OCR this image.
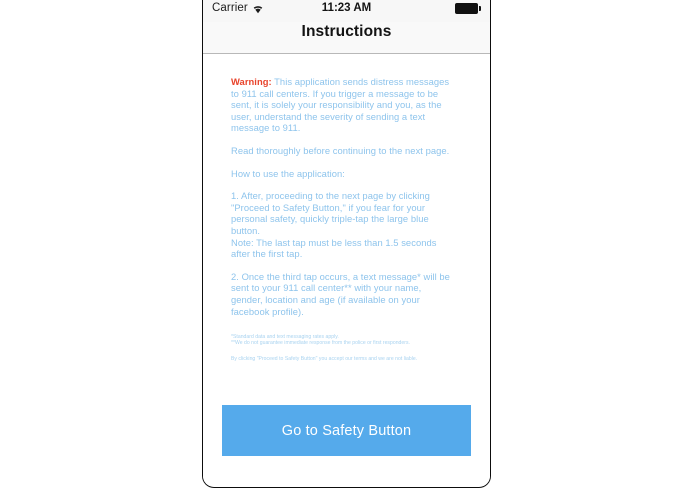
Carrier	11:23 AM
Instructions

Warning: This application sends distress messages to 911 call centers. If you trigger a message to be sent, it is solely your responsibility and you, as the user, understand the severity of sending a text message to 911.

Read thoroughly before continuing to the next page.

How to use the application:

1. After, proceeding to the next page by clicking "Proceed to Safety Button," if you fear for your personal safety, quickly triple-tap the large blue button.

Note: The last tap must be less than 1.5 seconds after the first tap.

2. Once the third tap occurs, a text message* will be sent to your 911 call center** with your name, gender, location and age (if available on your facebook profile).

*Standard data and text messaging rates apply.

**We do not guarantee immediate response from the police or first responders.

By clicking "Proceed to Safety Button" you accept our terms and we are not liable.

Go to Safety Button
